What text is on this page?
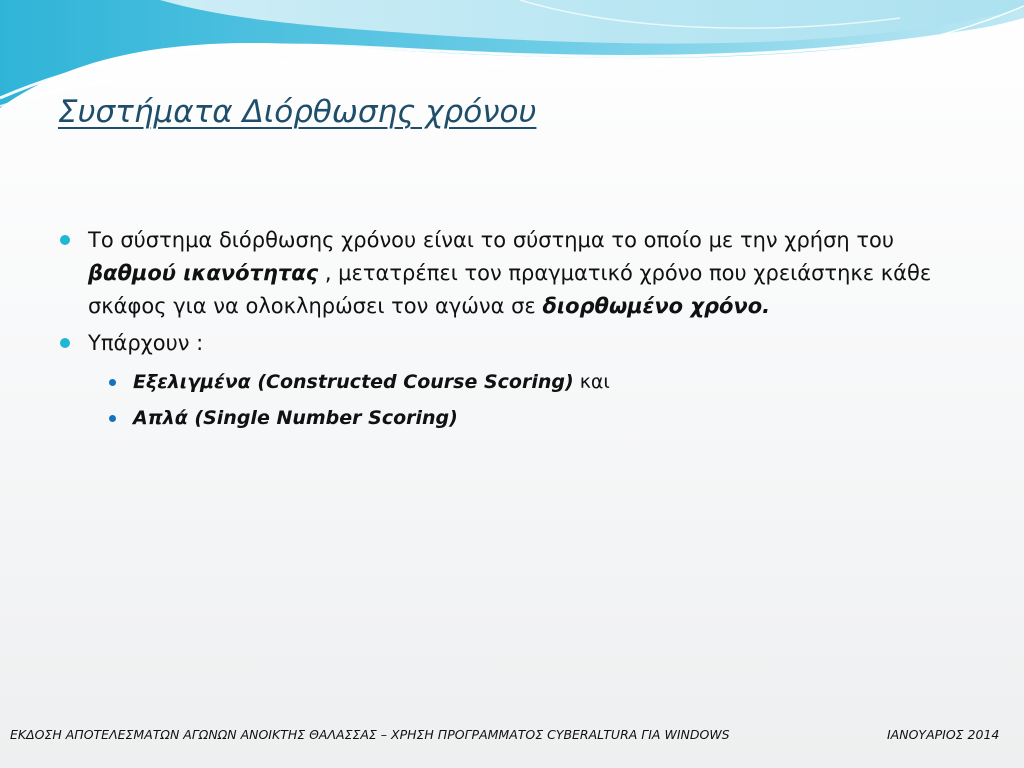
Συστήματα Διόρθωσης χρόνου
Το σύστημα διόρθωσης χρόνου είναι το σύστημα το οποίο με την χρήση του βαθμού ικανότητας , μετατρέπει τον πραγματικό χρόνο που χρειάστηκε κάθε σκάφος για να ολοκληρώσει τον αγώνα σε διορθωμένο χρόνο.
Υπάρχουν :
Εξελιγμένα (Constructed Course Scoring) και
Απλά (Single Number Scoring)
ΕΚΔΟΣΗ ΑΠΟΤΕΛΕΣΜΑΤΩΝ ΑΓΩΝΩΝ ΑΝΟΙΚΤΗΣ ΘΑΛΑΣΣΑΣ – ΧΡΗΣΗ ΠΡΟΓΡΑΜΜΑΤΟΣ CYBERALTURA ΓΙΑ WINDOWS	ΙΑΝΟΥΑΡΙΟΣ 2014
